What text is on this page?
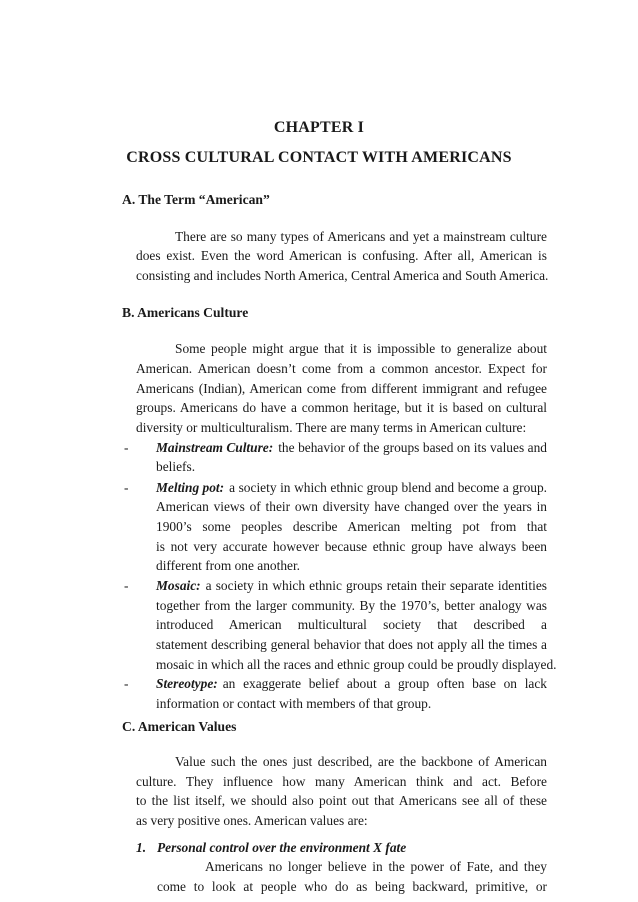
CHAPTER I
CROSS CULTURAL CONTACT WITH AMERICANS
A. The Term “American”
There are so many types of Americans and yet a mainstream culture
does exist. Even the word American is confusing. After all, American is
consisting and includes North America, Central America and South America.
B. Americans Culture
Some people might argue that it is impossible to generalize about
American. American doesn’t come from a common ancestor. Expect for
Americans (Indian), American come from different immigrant and refugee
groups. Americans do have a common heritage, but it is based on cultural
diversity or multiculturalism. There are many terms in American culture:
- Mainstream Culture: the behavior of the groups based on its values and
beliefs.
- Melting pot: a society in which ethnic group blend and become a group.
American views of their own diversity have changed over the years in
1900’s some peoples describe American melting pot from that
is not very accurate however because ethnic group have always been
different from one another.
- Mosaic: a society in which ethnic groups retain their separate identities
together from the larger community. By the 1970’s, better analogy was
introduced American multicultural society that described a
statement describing general behavior that does not apply all the times a
mosaic in which all the races and ethnic group could be proudly displayed.
- Stereotype: an exaggerate belief about a group often base on lack
information or contact with members of that group.
C. American Values
Value such the ones just described, are the backbone of American
culture. They influence how many American think and act. Before
to the list itself, we should also point out that Americans see all of these
as very positive ones. American values are:
1. Personal control over the environment X fate
Americans no longer believe in the power of Fate, and they
come to look at people who do as being backward, primitive, or
